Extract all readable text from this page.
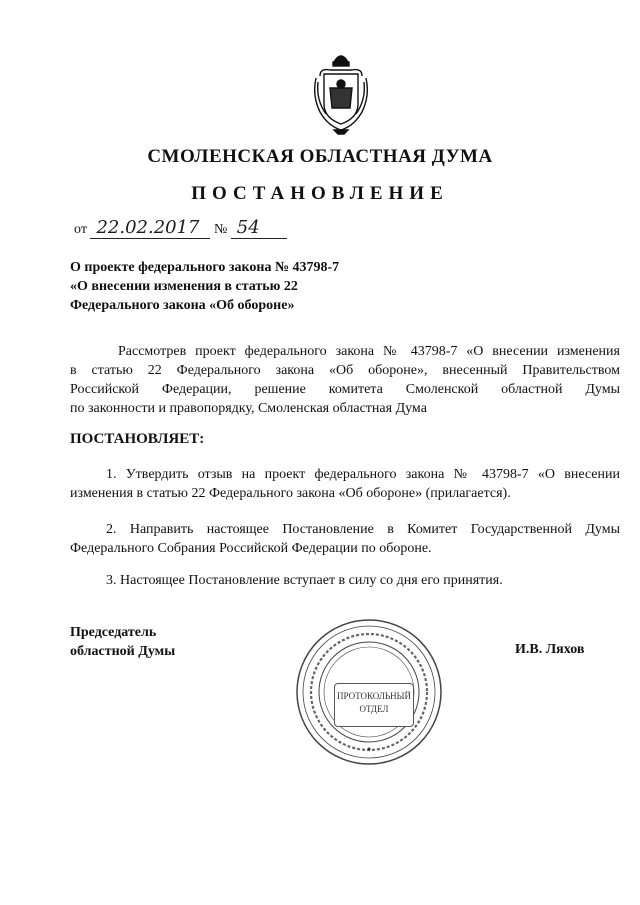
СМОЛЕНСКАЯ ОБЛАСТНАЯ ДУМА
ПОСТАНОВЛЕНИЕ
от 22.02.2017 № 54
О проекте федерального закона № 43798-7
«О внесении изменения в статью 22
Федерального закона «Об обороне»
Рассмотрев проект федерального закона № 43798-7 «О внесении изменения
в статью 22 Федерального закона «Об обороне», внесенный Правительством
Российской Федерации, решение комитета Смоленской областной Думы
по законности и правопорядку, Смоленская областная Дума
ПОСТАНОВЛЯЕТ:
1. Утвердить отзыв на проект федерального закона № 43798-7 «О внесении
изменения в статью 22 Федерального закона «Об обороне» (прилагается).
2. Направить настоящее Постановление в Комитет Государственной Думы
Федерального Собрания Российской Федерации по обороне.
3. Настоящее Постановление вступает в силу со дня его принятия.
Председатель
областной Думы
ПРОТОКОЛЬНЫЙ
ОТДЕЛ
И.В. Ляхов
